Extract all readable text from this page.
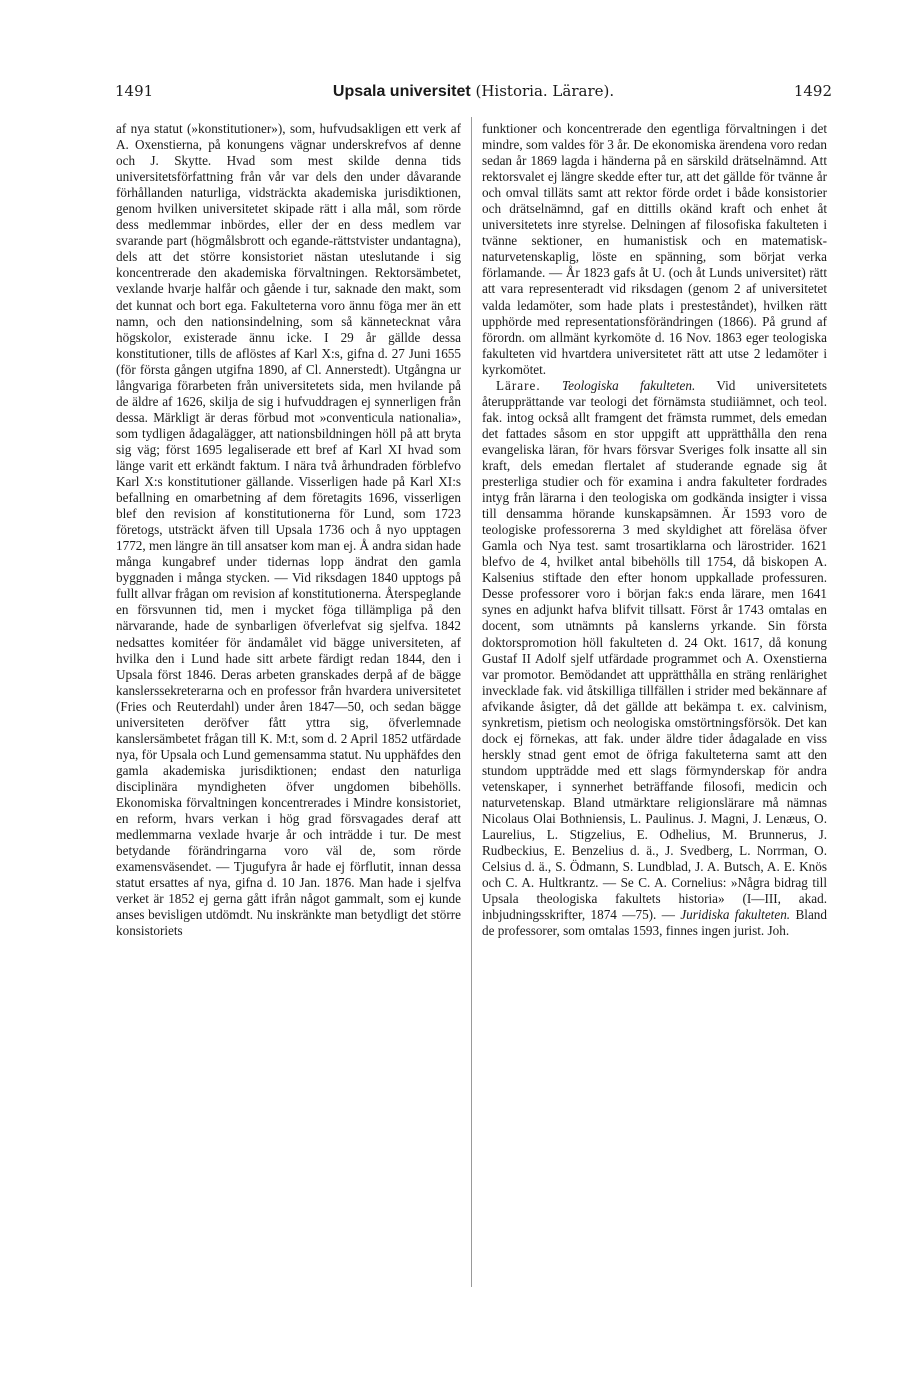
1491	Upsala universitet (Historia. Lärare).	1492

af nya statut (»konstitutioner»), som, hufvudsakligen ett verk af A. Oxenstierna, på konungens vägnar underskrefvos af denne och J. Skytte. Hvad som mest skilde denna tids universitetsförfattning från vår var dels den under dåvarande förhållanden naturliga, vidsträckta akademiska jurisdiktionen, genom hvilken universitetet skipade rätt i alla mål, som rörde dess medlemmar inbördes, eller der en dess medlem var svarande part (högmålsbrott och egande-rättstvister undantagna), dels att det större konsistoriet nästan uteslutande i sig koncentrerade den akademiska förvaltningen. Rektorsämbetet, vexlande hvarje halfår och gående i tur, saknade den makt, som det kunnat och bort ega. Fakulteterna voro ännu föga mer än ett namn, och den nationsindelning, som så kännetecknat våra högskolor, existerade ännu icke. I 29 år gällde dessa konstitutioner, tills de aflöstes af Karl X:s, gifna d. 27 Juni 1655 (för första gången utgifna 1890, af Cl. Annerstedt). Utgångna ur långvariga förarbeten från universitetets sida, men hvilande på de äldre af 1626, skilja de sig i hufvuddragen ej synnerligen från dessa. Märkligt är deras förbud mot »conventicula nationalia», som tydligen ådagalägger, att nationsbildningen höll på att bryta sig väg; först 1695 legaliserade ett bref af Karl XI hvad som länge varit ett erkändt faktum. I nära två århundraden förblefvo Karl X:s konstitutioner gällande. Visserligen hade på Karl XI:s befallning en omarbetning af dem företagits 1696, visserligen blef den revision af konstitutionerna för Lund, som 1723 företogs, utsträckt äfven till Upsala 1736 och å nyo upptagen 1772, men längre än till ansatser kom man ej. Å andra sidan hade många kungabref under tidernas lopp ändrat den gamla byggnaden i många stycken. — Vid riksdagen 1840 upptogs på fullt allvar frågan om revision af konstitutionerna. Återspeglande en försvunnen tid, men i mycket föga tillämpliga på den närvarande, hade de synbarligen öfverlefvat sig sjelfva. 1842 nedsattes komitéer för ändamålet vid bägge universiteten, af hvilka den i Lund hade sitt arbete färdigt redan 1844, den i Upsala först 1846. Deras arbeten granskades derpå af de bägge kanslerssekreterarna och en professor från hvardera universitetet (Fries och Reuterdahl) under åren 1847—50, och sedan bägge universiteten deröfver fått yttra sig, öfverlemnade kanslersämbetet frågan till K. M:t, som d. 2 April 1852 utfärdade nya, för Upsala och Lund gemensamma statut. Nu upphäfdes den gamla akademiska jurisdiktionen; endast den naturliga disciplinära myndigheten öfver ungdomen bibehölls. Ekonomiska förvaltningen koncentrerades i Mindre konsistoriet, en reform, hvars verkan i hög grad försvagades deraf att medlemmarna vexlade hvarje år och inträdde i tur. De mest betydande förändringarna voro väl de, som rörde examensväsendet. — Tjugufyra år hade ej förflutit, innan dessa statut ersattes af nya, gifna d. 10 Jan. 1876. Man hade i sjelfva verket är 1852 ej gerna gått ifrån något gammalt, som ej kunde anses bevisligen utdömdt. Nu inskränkte man betydligt det större konsistoriets

funktioner och koncentrerade den egentliga förvaltningen i det mindre, som valdes för 3 år. De ekonomiska ärendena voro redan sedan år 1869 lagda i händerna på en särskild drätselnämnd. Att rektorsvalet ej längre skedde efter tur, att det gällde för tvänne år och omval tilläts samt att rektor förde ordet i både konsistorier och drätselnämnd, gaf en dittills okänd kraft och enhet åt universitetets inre styrelse. Delningen af filosofiska fakulteten i tvänne sektioner, en humanistisk och en matematisk-naturvetenskaplig, löste en spänning, som börjat verka förlamande. — År 1823 gafs åt U. (och åt Lunds universitet) rätt att vara representeradt vid riksdagen (genom 2 af universitetet valda ledamöter, som hade plats i presteståndet), hvilken rätt upphörde med representationsförändringen (1866). På grund af förordn. om allmänt kyrkomöte d. 16 Nov. 1863 eger teologiska fakulteten vid hvartdera universitetet rätt att utse 2 ledamöter i kyrkomötet.

Lärare. Teologiska fakulteten. Vid universitetets återupprättande var teologi det förnämsta studiiämnet, och teol. fak. intog också allt framgent det främsta rummet, dels emedan det fattades såsom en stor uppgift att upprätthålla den rena evangeliska läran, för hvars försvar Sveriges folk insatte all sin kraft, dels emedan flertalet af studerande egnade sig åt presterliga studier och för examina i andra fakulteter fordrades intyg från lärarna i den teologiska om godkända insigter i vissa till densamma hörande kunskapsämnen. Är 1593 voro de teologiske professorerna 3 med skyldighet att föreläsa öfver Gamla och Nya test. samt trosartiklarna och lärostrider. 1621 blefvo de 4, hvilket antal bibehölls till 1754, då biskopen A. Kalsenius stiftade den efter honom uppkallade professuren. Desse professorer voro i början fak:s enda lärare, men 1641 synes en adjunkt hafva blifvit tillsatt. Först år 1743 omtalas en docent, som utnämnts på kanslerns yrkande. Sin första doktorspromotion höll fakulteten d. 24 Okt. 1617, då konung Gustaf II Adolf sjelf utfärdade programmet och A. Oxenstierna var promotor. Bemödandet att upprätthålla en sträng renlärighet invecklade fak. vid åtskilliga tillfällen i strider med bekännare af afvikande åsigter, då det gällde att bekämpa t. ex. calvinism, synkretism, pietism och neologiska omstörtningsförsök. Det kan dock ej förnekas, att fak. under äldre tider ådagalade en viss herskly stnad gent emot de öfriga fakulteterna samt att den stundom uppträdde med ett slags förmynderskap för andra vetenskaper, i synnerhet beträffande filosofi, medicin och naturvetenskap. Bland utmärktare religionslärare må nämnas Nicolaus Olai Bothniensis, L. Paulinus. J. Magni, J. Lenæus, O. Laurelius, L. Stigzelius, E. Odhelius, M. Brunnerus, J. Rudbeckius, E. Benzelius d. ä., J. Svedberg, L. Norrman, O. Celsius d. ä., S. Ödmann, S. Lundblad, J. A. Butsch, A. E. Knös och C. A. Hultkrantz. — Se C. A. Cornelius: »Några bidrag till Upsala theologiska fakultets historia» (I—III, akad. inbjudningsskrifter, 1874 —75). — Juridiska fakulteten. Bland de professorer, som omtalas 1593, finnes ingen jurist. Joh.
